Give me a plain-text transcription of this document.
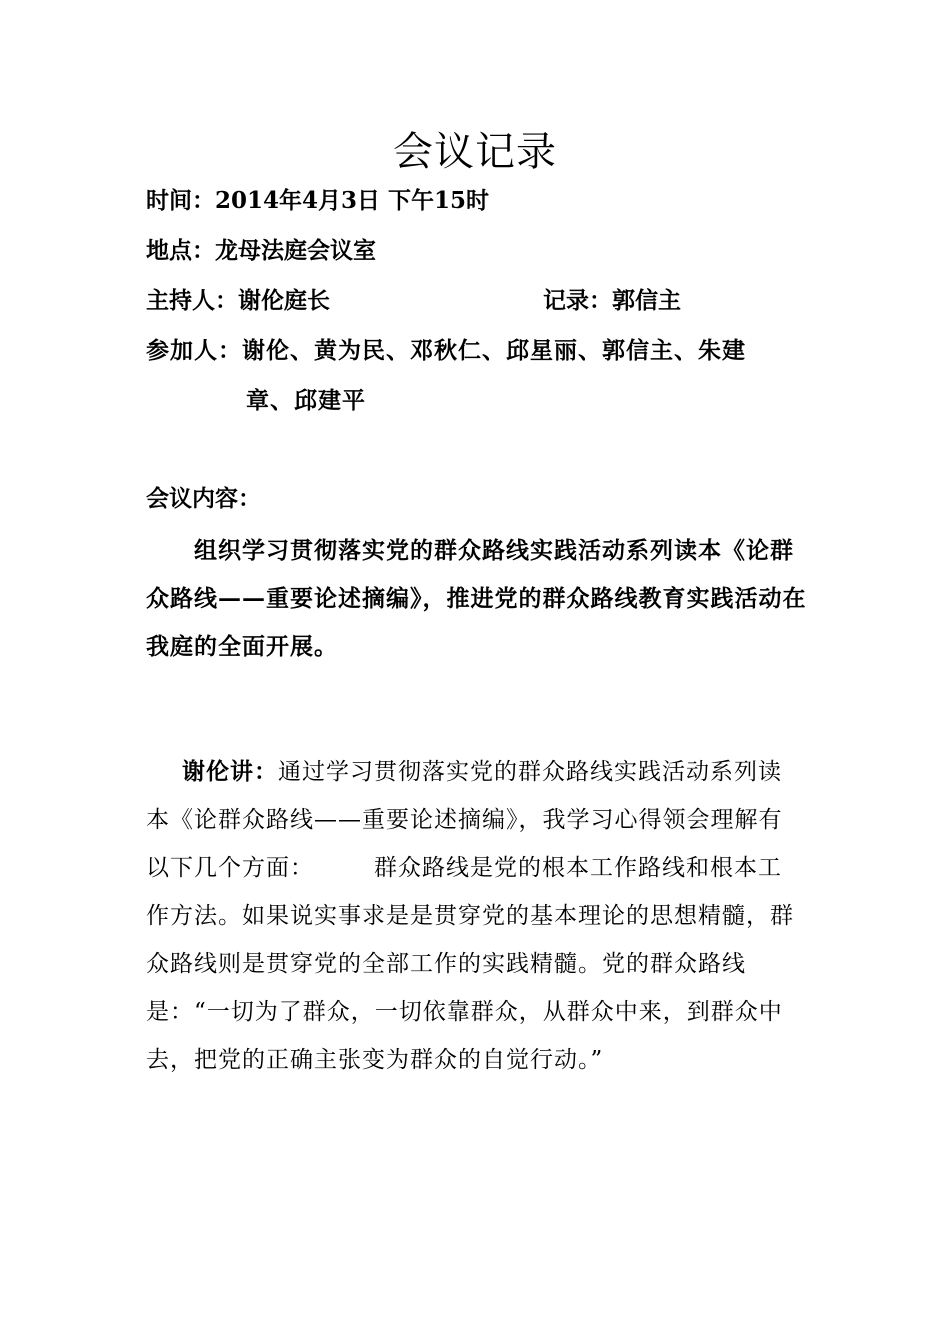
会议记录
时间：2014年4月3日 下午15时
地点：龙母法庭会议室
主持人：谢伦庭长	记录：郭信主
参加人：谢伦、黄为民、邓秋仁、邱星丽、郭信主、朱建
章、邱建平
会议内容：
组织学习贯彻落实党的群众路线实践活动系列读本《论群众路线——重要论述摘编》，推进党的群众路线教育实践活动在我庭的全面开展。
谢伦讲：通过学习贯彻落实党的群众路线实践活动系列读本《论群众路线——重要论述摘编》，我学习心得领会理解有以下几个方面：	群众路线是党的根本工作路线和根本工作方法。如果说实事求是是贯穿党的基本理论的思想精髓，群众路线则是贯穿党的全部工作的实践精髓。党的群众路线是：“一切为了群众，一切依靠群众，从群众中来，到群众中去，把党的正确主张变为群众的自觉行动。”
